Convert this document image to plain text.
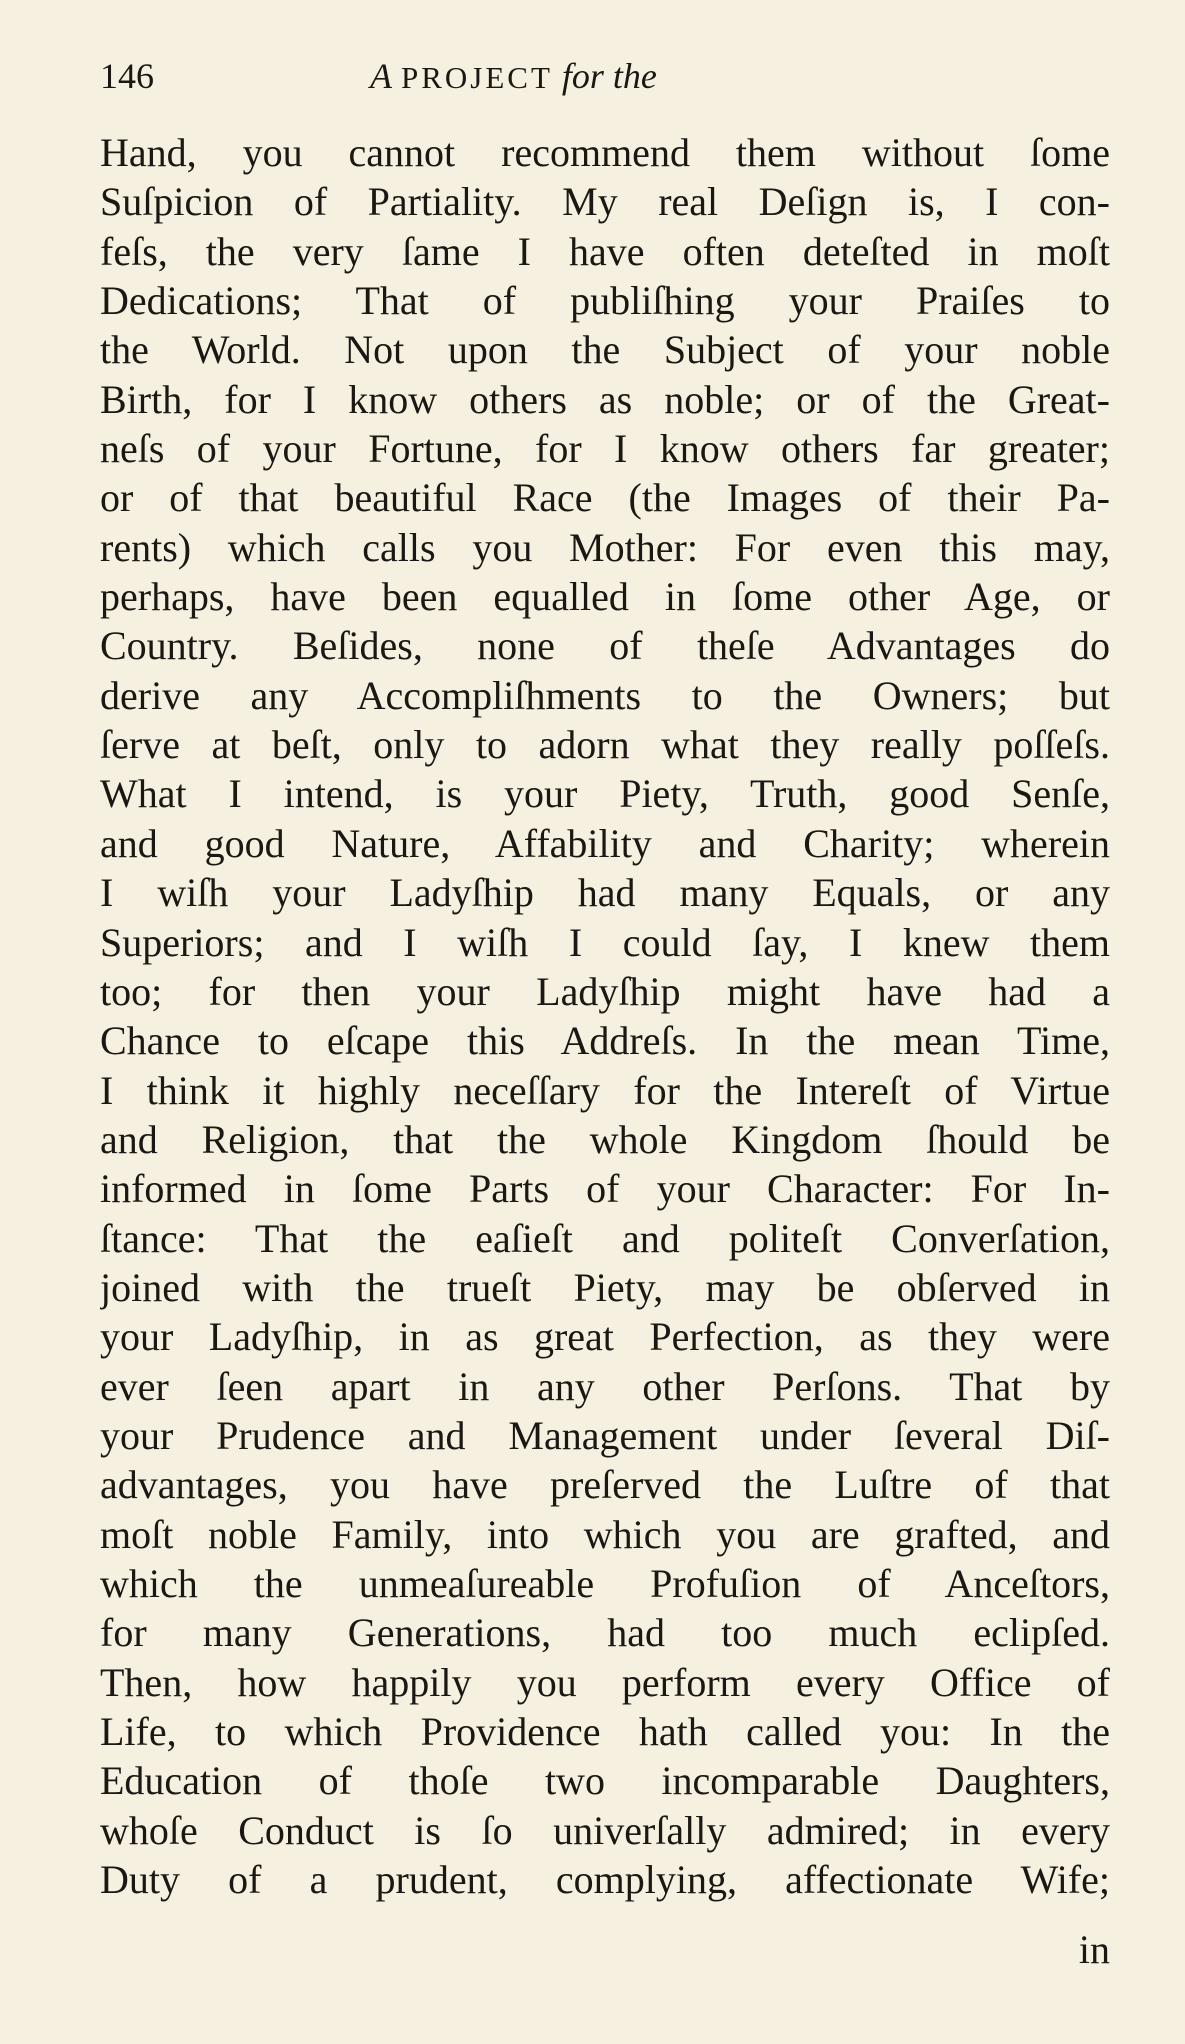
146	A PROJECT for the
Hand, you cannot recommend them without ſome
Suſpicion of Partiality. My real Deſign is, I con-
feſs, the very ſame I have often deteſted in moſt
Dedications; That of publiſhing your Praiſes to
the World. Not upon the Subject of your noble
Birth, for I know others as noble; or of the Great-
neſs of your Fortune, for I know others far greater;
or of that beautiful Race (the Images of their Pa-
rents) which calls you Mother: For even this may,
perhaps, have been equalled in ſome other Age, or
Country. Beſides, none of theſe Advantages do
derive any Accompliſhments to the Owners; but
ſerve at beſt, only to adorn what they really poſſeſs.
What I intend, is your Piety, Truth, good Senſe,
and good Nature, Affability and Charity; wherein
I wiſh your Ladyſhip had many Equals, or any
Superiors; and I wiſh I could ſay, I knew them
too; for then your Ladyſhip might have had a
Chance to eſcape this Addreſs. In the mean Time,
I think it highly neceſſary for the Intereſt of Virtue
and Religion, that the whole Kingdom ſhould be
informed in ſome Parts of your Character: For In-
ſtance: That the eaſieſt and politeſt Converſation,
joined with the trueſt Piety, may be obſerved in
your Ladyſhip, in as great Perfection, as they were
ever ſeen apart in any other Perſons. That by
your Prudence and Management under ſeveral Diſ-
advantages, you have preſerved the Luſtre of that
moſt noble Family, into which you are grafted, and
which the unmeaſureable Profuſion of Anceſtors,
for many Generations, had too much eclipſed.
Then, how happily you perform every Office of
Life, to which Providence hath called you: In the
Education of thoſe two incomparable Daughters,
whoſe Conduct is ſo univerſally admired; in every
Duty of a prudent, complying, affectionate Wife;
in
